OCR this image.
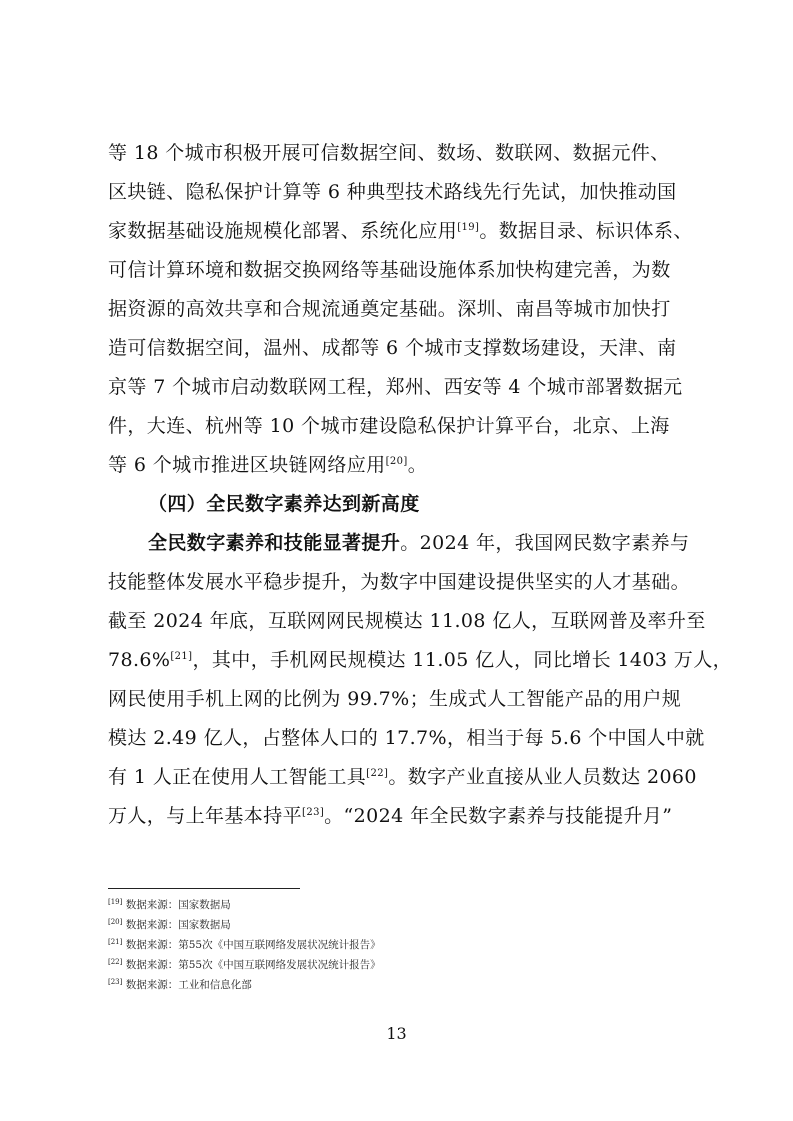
等 18 个城市积极开展可信数据空间、数场、数联网、数据元件、
区块链、隐私保护计算等 6 种典型技术路线先行先试，加快推动国
家数据基础设施规模化部署、系统化应用[19]。数据目录、标识体系、
可信计算环境和数据交换网络等基础设施体系加快构建完善，为数
据资源的高效共享和合规流通奠定基础。深圳、南昌等城市加快打
造可信数据空间，温州、成都等 6 个城市支撑数场建设，天津、南
京等 7 个城市启动数联网工程，郑州、西安等 4 个城市部署数据元
件，大连、杭州等 10 个城市建设隐私保护计算平台，北京、上海
等 6 个城市推进区块链网络应用[20]。
（四）全民数字素养达到新高度
全民数字素养和技能显著提升。2024 年，我国网民数字素养与
技能整体发展水平稳步提升，为数字中国建设提供坚实的人才基础。
截至 2024 年底，互联网网民规模达 11.08 亿人，互联网普及率升至
78.6%[21]，其中，手机网民规模达 11.05 亿人，同比增长 1403 万人，
网民使用手机上网的比例为 99.7%；生成式人工智能产品的用户规
模达 2.49 亿人，占整体人口的 17.7%，相当于每 5.6 个中国人中就
有 1 人正在使用人工智能工具[22]。数字产业直接从业人员数达 2060
万人，与上年基本持平[23]。“2024 年全民数字素养与技能提升月”
[19] 数据来源：国家数据局
[20] 数据来源：国家数据局
[21] 数据来源：第55次《中国互联网络发展状况统计报告》
[22] 数据来源：第55次《中国互联网络发展状况统计报告》
[23] 数据来源：工业和信息化部
13
